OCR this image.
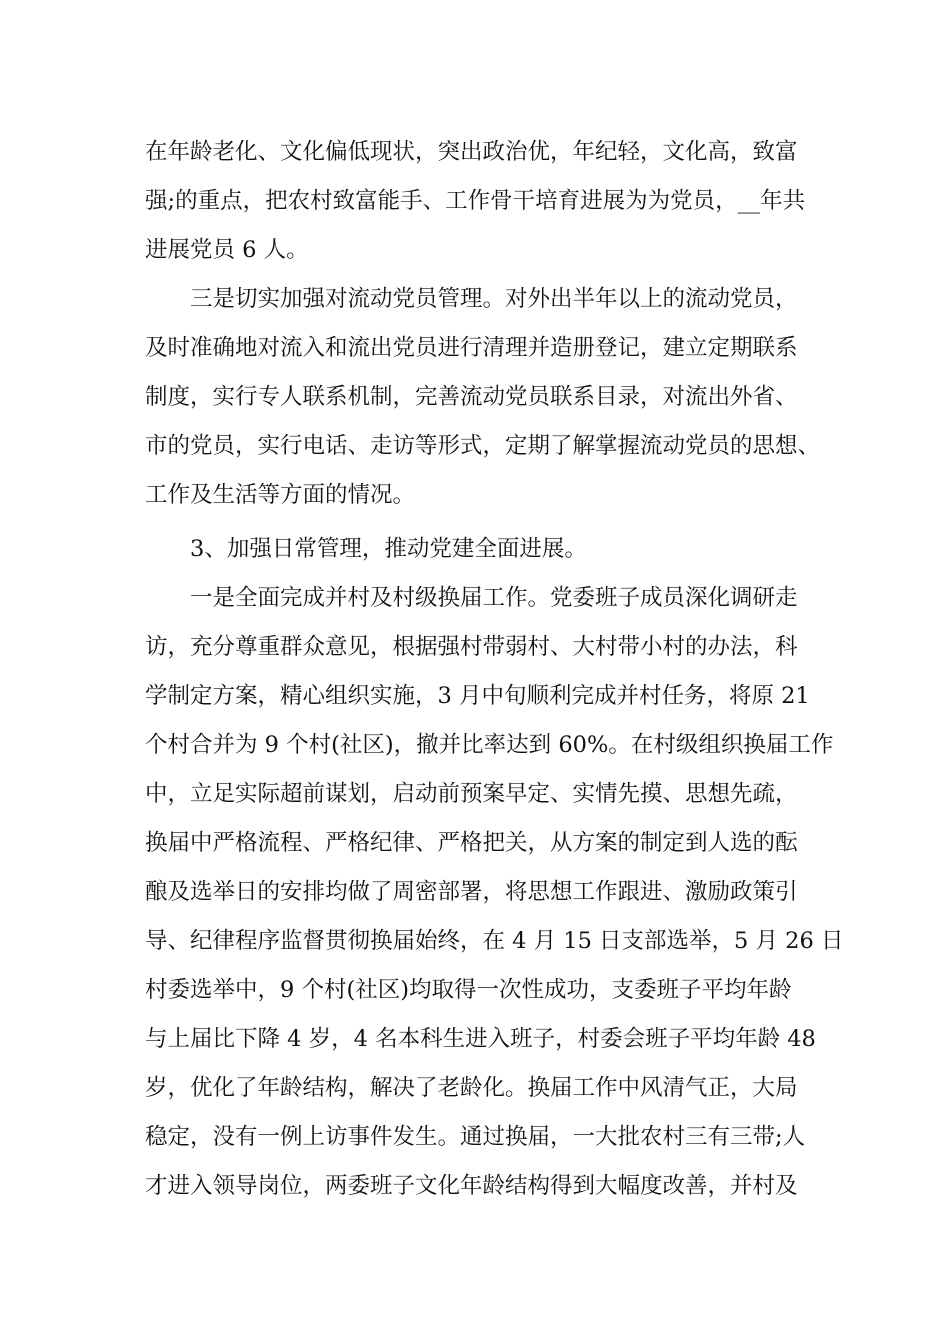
在年龄老化、文化偏低现状，突出政治优，年纪轻，文化高，致富
强;的重点，把农村致富能手、工作骨干培育进展为为党员，__年共
进展党员 6 人。
三是切实加强对流动党员管理。对外出半年以上的流动党员，
及时准确地对流入和流出党员进行清理并造册登记，建立定期联系
制度，实行专人联系机制，完善流动党员联系目录，对流出外省、
市的党员，实行电话、走访等形式，定期了解掌握流动党员的思想、
工作及生活等方面的情况。
3、加强日常管理，推动党建全面进展。
一是全面完成并村及村级换届工作。党委班子成员深化调研走
访，充分尊重群众意见，根据强村带弱村、大村带小村的办法，科
学制定方案，精心组织实施，3 月中旬顺利完成并村任务，将原 21
个村合并为 9 个村(社区)，撤并比率达到 60%。在村级组织换届工作
中，立足实际超前谋划，启动前预案早定、实情先摸、思想先疏，
换届中严格流程、严格纪律、严格把关，从方案的制定到人选的酝
酿及选举日的安排均做了周密部署，将思想工作跟进、激励政策引
导、纪律程序监督贯彻换届始终，在 4 月 15 日支部选举，5 月 26 日
村委选举中，9 个村(社区)均取得一次性成功，支委班子平均年龄
与上届比下降 4 岁，4 名本科生进入班子，村委会班子平均年龄 48
岁，优化了年龄结构，解决了老龄化。换届工作中风清气正，大局
稳定，没有一例上访事件发生。通过换届，一大批农村三有三带;人
才进入领导岗位，两委班子文化年龄结构得到大幅度改善，并村及
